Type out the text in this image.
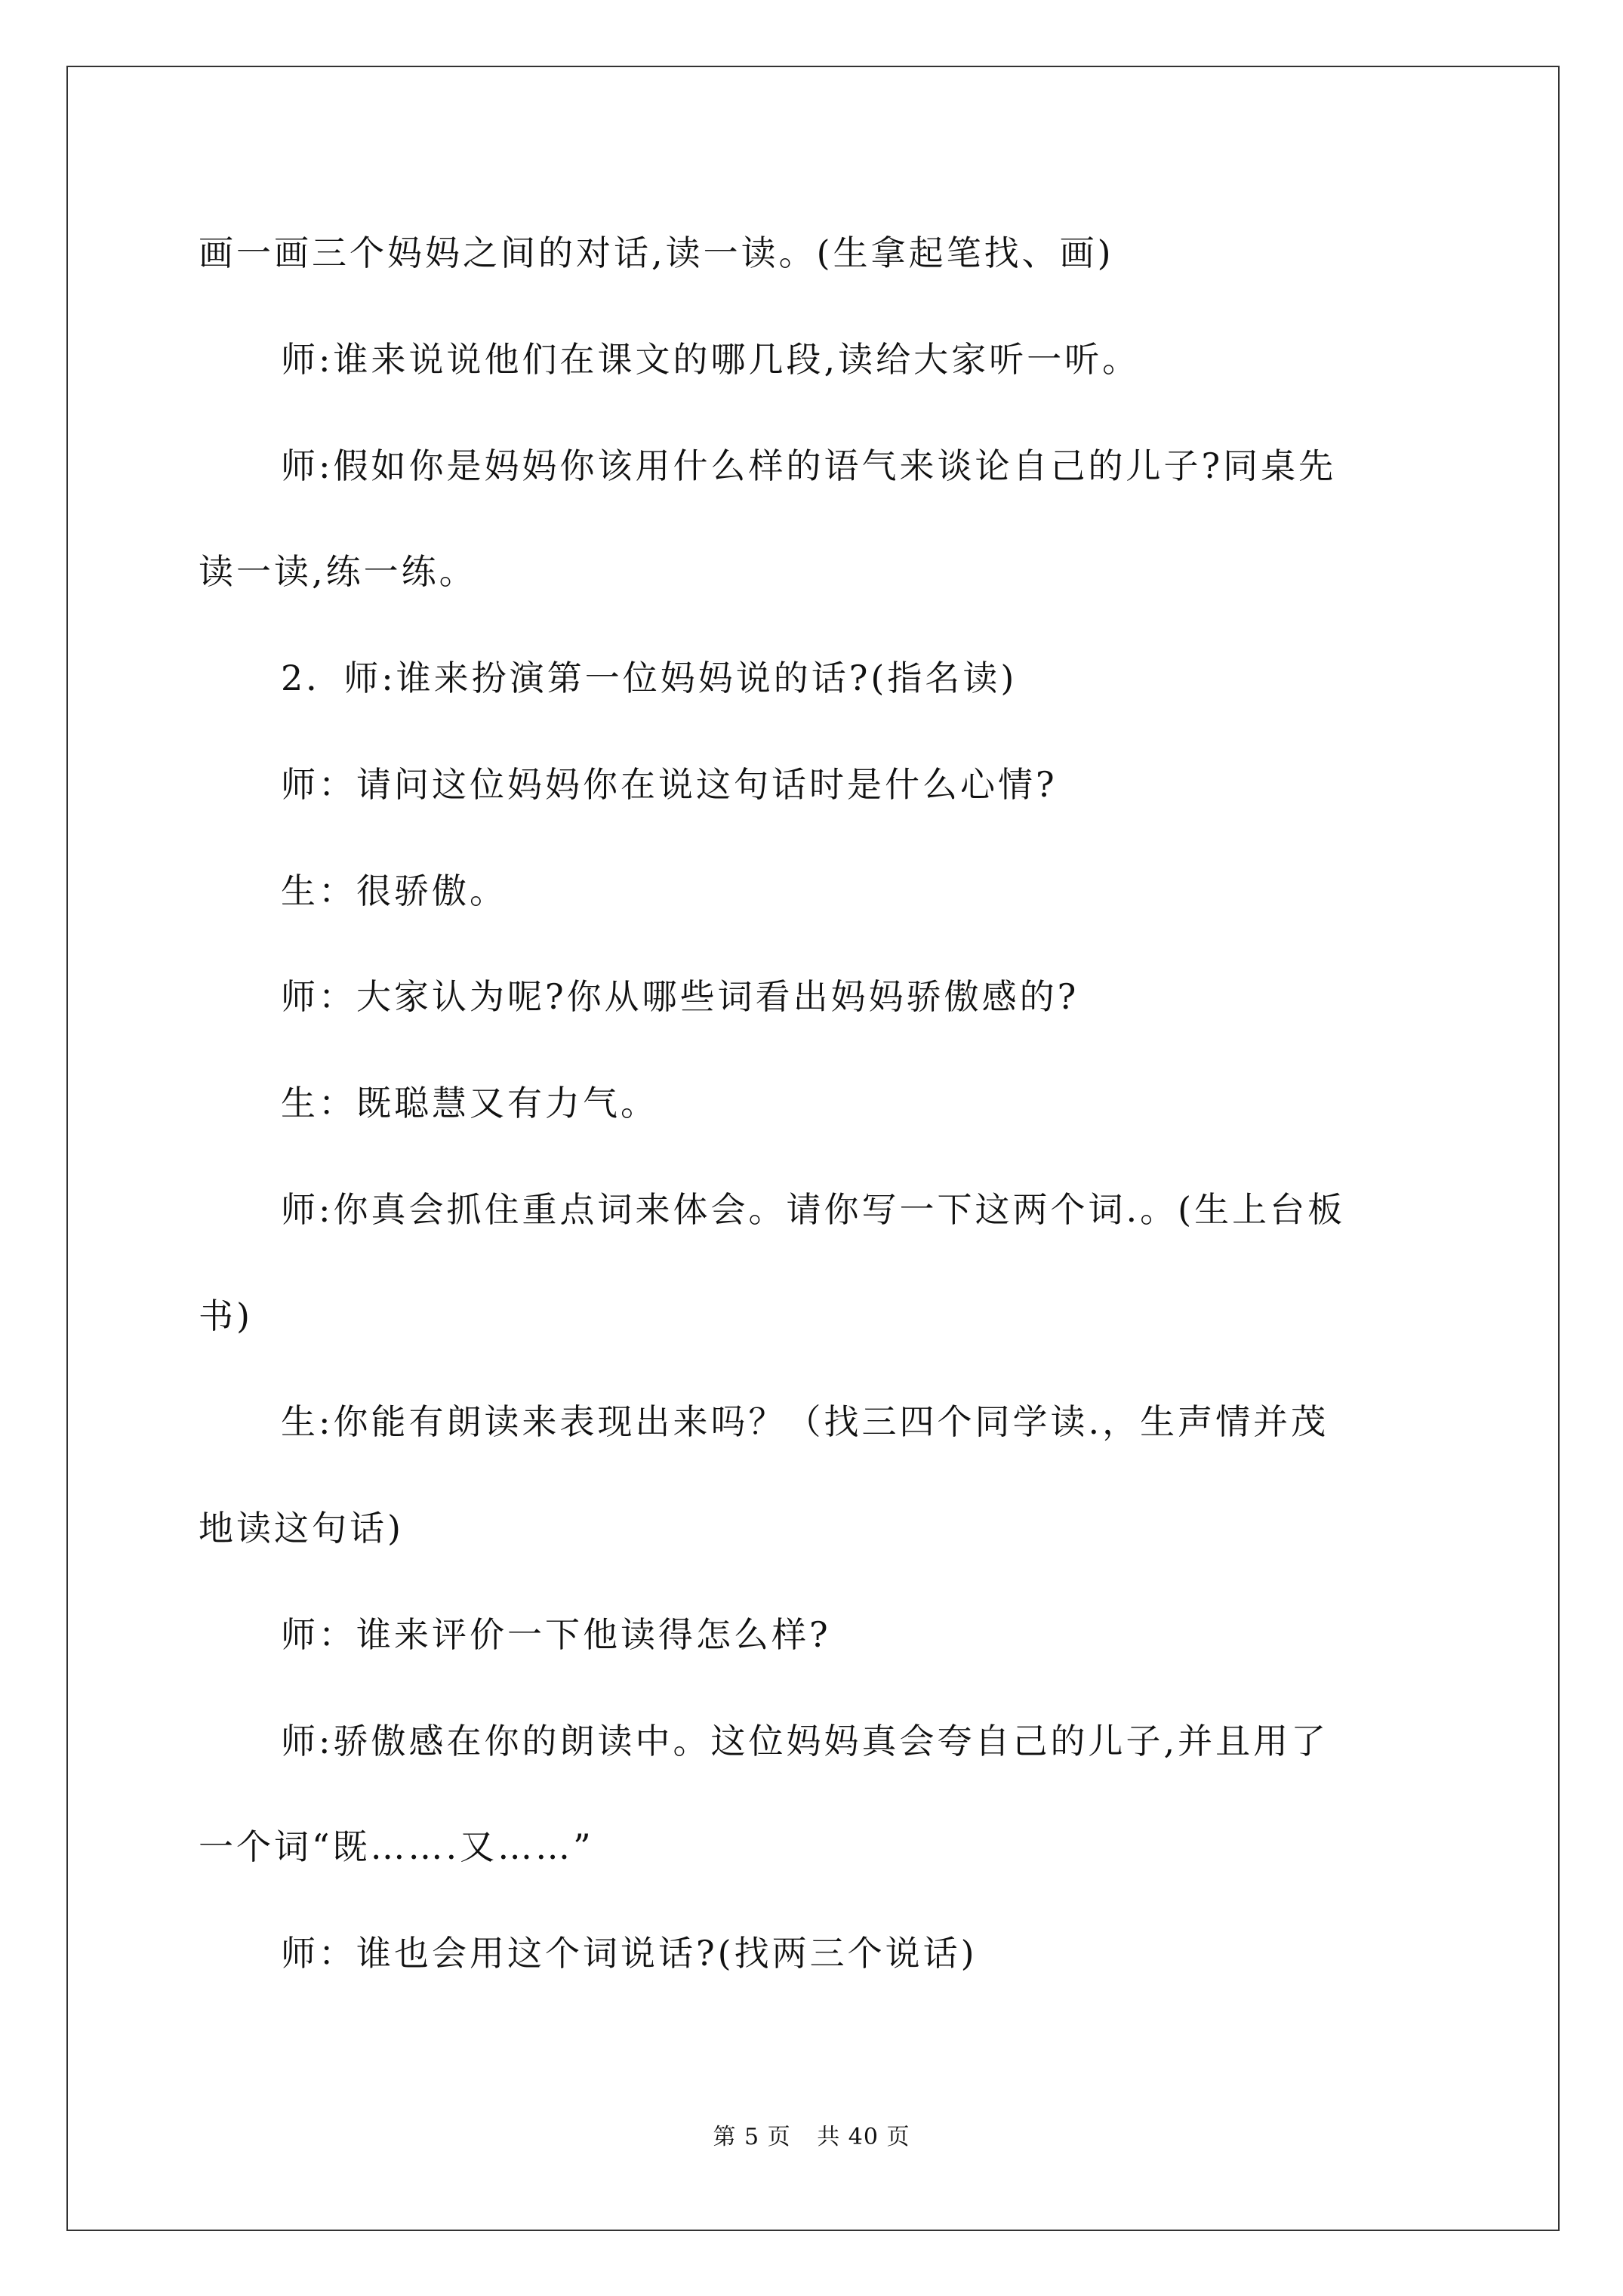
画一画三个妈妈之间的对话,读一读。(生拿起笔找、画)
师:谁来说说他们在课文的哪几段,读给大家听一听。
师:假如你是妈妈你该用什么样的语气来谈论自己的儿子?同桌先
读一读,练一练。
2．师:谁来扮演第一位妈妈说的话?(指名读)
师：请问这位妈妈你在说这句话时是什么心情?
生：很骄傲。
师：大家认为呢?你从哪些词看出妈妈骄傲感的?
生：既聪慧又有力气。
师:你真会抓住重点词来体会。请你写一下这两个词.。(生上台板
书)
生:你能有朗读来表现出来吗？（找三四个同学读.，生声情并茂
地读这句话)
师：谁来评价一下他读得怎么样?
师:骄傲感在你的朗读中。这位妈妈真会夸自己的儿子,并且用了
一个词“既…….又……”
师：谁也会用这个词说话?(找两三个说话)
第 5 页 共 40 页
